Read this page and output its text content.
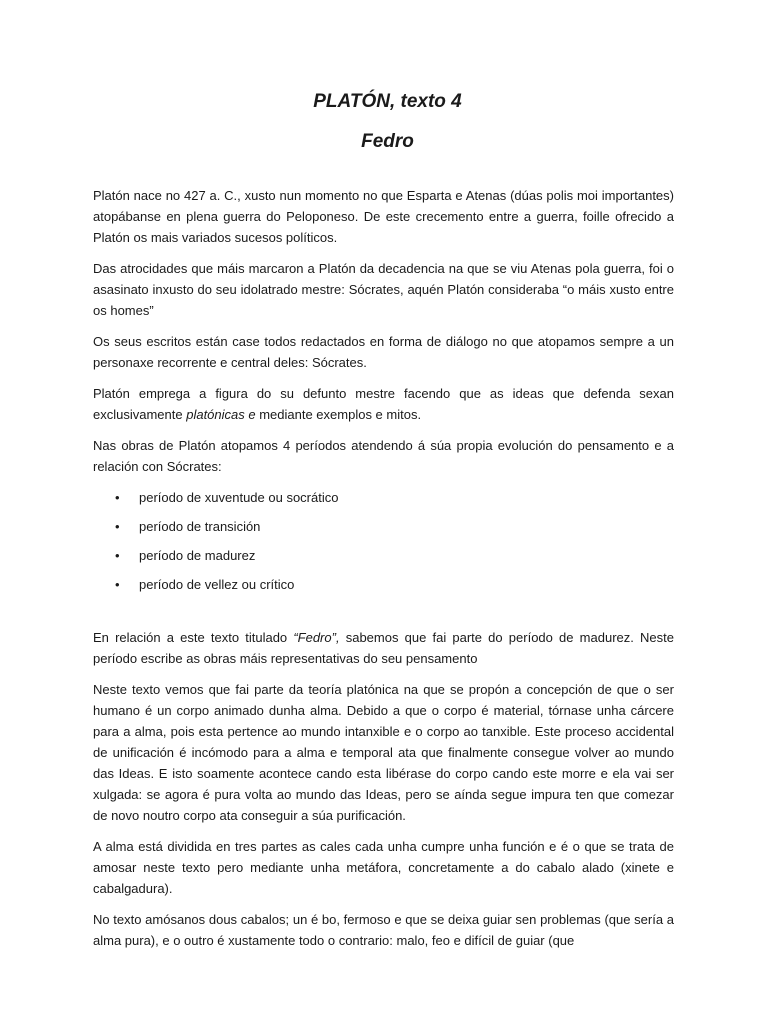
PLATÓN, texto 4
Fedro

Platón nace no 427 a. C., xusto nun momento no que Esparta e Atenas (dúas polis moi importantes) atopábanse en plena guerra do Peloponeso. De este crecemento entre a guerra, foille ofrecido a Platón os mais variados sucesos políticos.

Das atrocidades que máis marcaron a Platón da decadencia na que se viu Atenas pola guerra, foi o asasinato inxusto do seu idolatrado mestre: Sócrates, aquén Platón consideraba “o máis xusto entre os homes”

Os seus escritos están case todos redactados en forma de diálogo no que atopamos sempre a un personaxe recorrente e central deles: Sócrates.

Platón emprega a figura do su defunto mestre facendo que as ideas que defenda sexan exclusivamente platónicas e mediante exemplos e mitos.

Nas obras de Platón atopamos 4 períodos atendendo á súa propia evolución do pensamento e a relación con Sócrates:

• período de xuventude ou socrático
• período de transición
• período de madurez
• período de vellez ou crítico

En relación a este texto titulado “Fedro”, sabemos que fai parte do período de madurez. Neste período escribe as obras máis representativas do seu pensamento

Neste texto vemos que fai parte da teoría platónica na que se propón a concepción de que o ser humano é un corpo animado dunha alma. Debido a que o corpo é material, tórnase unha cárcere para a alma, pois esta pertence ao mundo intanxible e o corpo ao tanxible. Este proceso accidental de unificación é incómodo para a alma e temporal ata que finalmente consegue volver ao mundo das Ideas. E isto soamente acontece cando esta libérase do corpo cando este morre e ela vai ser xulgada: se agora é pura volta ao mundo das Ideas, pero se aínda segue impura ten que comezar de novo noutro corpo ata conseguir a súa purificación.

A alma está dividida en tres partes as cales cada unha cumpre unha función e é o que se trata de amosar neste texto pero mediante unha metáfora, concretamente a do cabalo alado (xinete e cabalgadura).

No texto amósanos dous cabalos; un é bo, fermoso e que se deixa guiar sen problemas (que sería a alma pura), e o outro é xustamente todo o contrario: malo, feo e difícil de guiar (que
